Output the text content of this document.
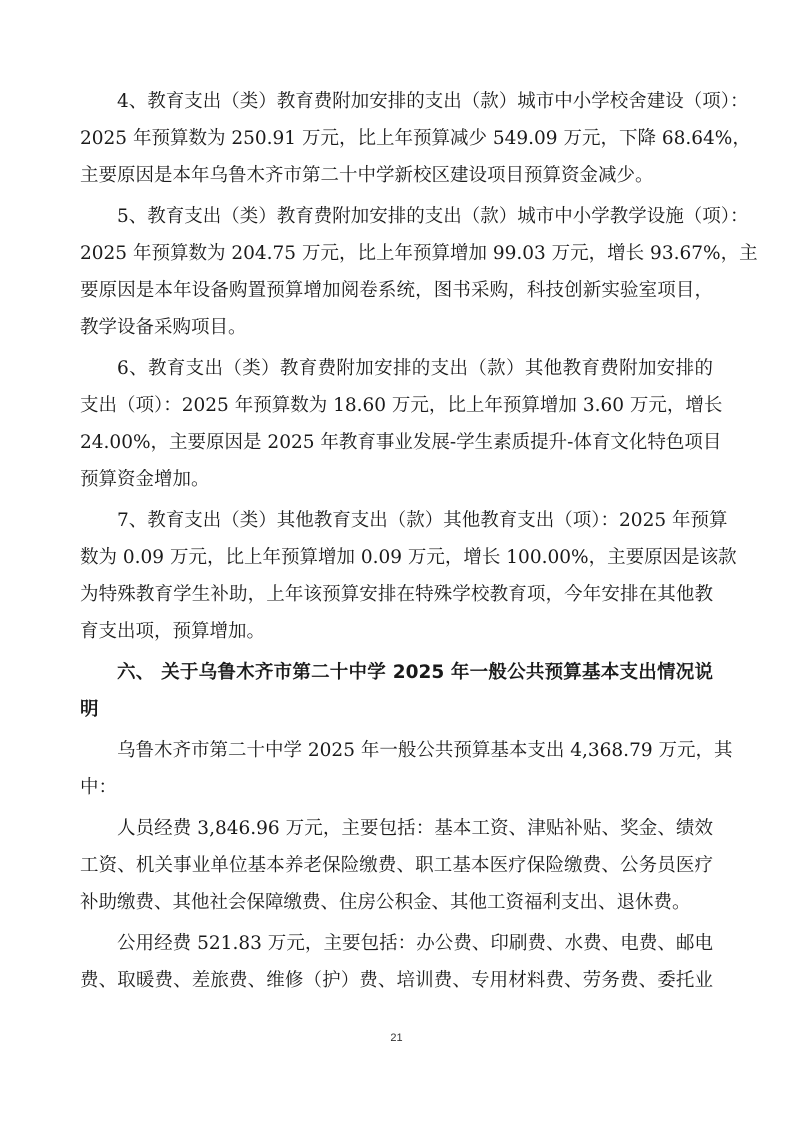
4、教育支出（类）教育费附加安排的支出（款）城市中小学校舍建设（项）：
2025 年预算数为 250.91 万元，比上年预算减少 549.09 万元，下降 68.64%，
主要原因是本年乌鲁木齐市第二十中学新校区建设项目预算资金减少。
5、教育支出（类）教育费附加安排的支出（款）城市中小学教学设施（项）：
2025 年预算数为 204.75 万元，比上年预算增加 99.03 万元，增长 93.67%，主
要原因是本年设备购置预算增加阅卷系统，图书采购，科技创新实验室项目，
教学设备采购项目。
6、教育支出（类）教育费附加安排的支出（款）其他教育费附加安排的
支出（项）：2025 年预算数为 18.60 万元，比上年预算增加 3.60 万元，增长
24.00%，主要原因是 2025 年教育事业发展-学生素质提升-体育文化特色项目
预算资金增加。
7、教育支出（类）其他教育支出（款）其他教育支出（项）：2025 年预算
数为 0.09 万元，比上年预算增加 0.09 万元，增长 100.00%，主要原因是该款
为特殊教育学生补助，上年该预算安排在特殊学校教育项，今年安排在其他教
育支出项，预算增加。
六、 关于乌鲁木齐市第二十中学 2025 年一般公共预算基本支出情况说
明
乌鲁木齐市第二十中学 2025 年一般公共预算基本支出 4,368.79 万元，其
中：
人员经费 3,846.96 万元，主要包括：基本工资、津贴补贴、奖金、绩效
工资、机关事业单位基本养老保险缴费、职工基本医疗保险缴费、公务员医疗
补助缴费、其他社会保障缴费、住房公积金、其他工资福利支出、退休费。
公用经费 521.83 万元，主要包括：办公费、印刷费、水费、电费、邮电
费、取暖费、差旅费、维修（护）费、培训费、专用材料费、劳务费、委托业
21
